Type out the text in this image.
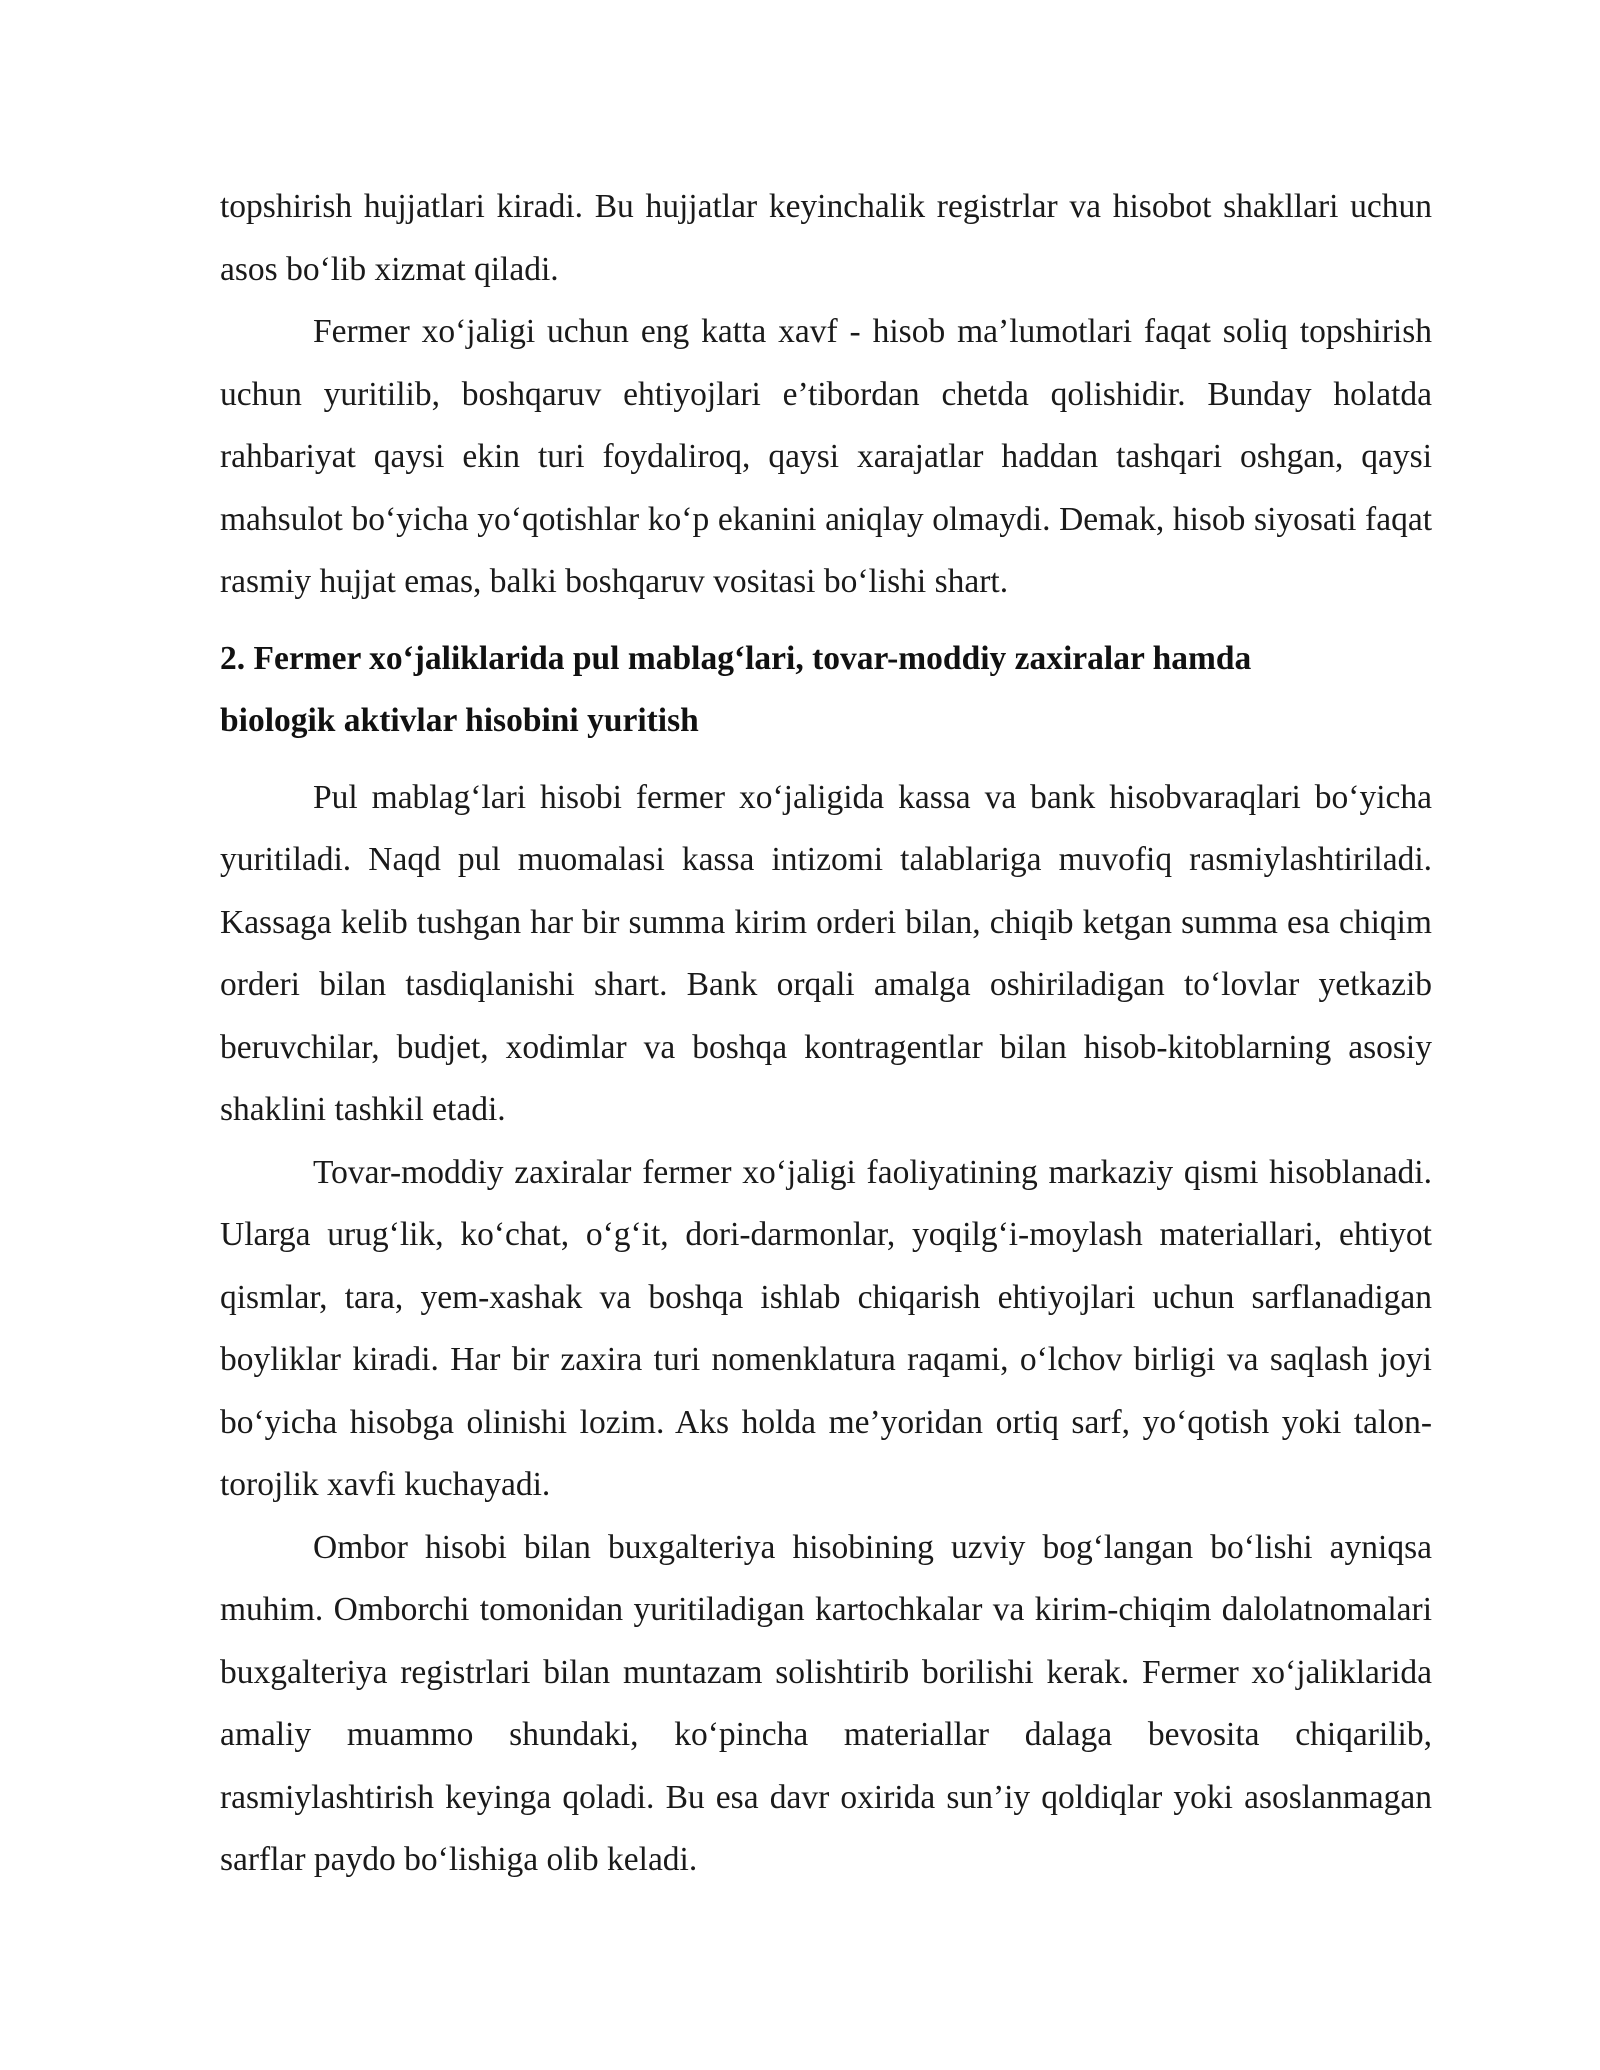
topshirish hujjatlari kiradi. Bu hujjatlar keyinchalik registrlar va hisobot shakllari uchun asos bo‘lib xizmat qiladi.

Fermer xo‘jaligi uchun eng katta xavf - hisob ma’lumotlari faqat soliq topshirish uchun yuritilib, boshqaruv ehtiyojlari e’tibordan chetda qolishidir. Bunday holatda rahbariyat qaysi ekin turi foydaliroq, qaysi xarajatlar haddan tashqari oshgan, qaysi mahsulot bo‘yicha yo‘qotishlar ko‘p ekanini aniqlay olmaydi. Demak, hisob siyosati faqat rasmiy hujjat emas, balki boshqaruv vositasi bo‘lishi shart.

2. Fermer xo‘jaliklarida pul mablag‘lari, tovar-moddiy zaxiralar hamda biologik aktivlar hisobini yuritish

Pul mablag‘lari hisobi fermer xo‘jaligida kassa va bank hisobvaraqlari bo‘yicha yuritiladi. Naqd pul muomalasi kassa intizomi talablariga muvofiq rasmiylashtiriladi. Kassaga kelib tushgan har bir summa kirim orderi bilan, chiqib ketgan summa esa chiqim orderi bilan tasdiqlanishi shart. Bank orqali amalga oshiriladigan to‘lovlar yetkazib beruvchilar, budjet, xodimlar va boshqa kontragentlar bilan hisob-kitoblarning asosiy shaklini tashkil etadi.

Tovar-moddiy zaxiralar fermer xo‘jaligi faoliyatining markaziy qismi hisoblanadi. Ularga urug‘lik, ko‘chat, o‘g‘it, dori-darmonlar, yoqilg‘i-moylash materiallari, ehtiyot qismlar, tara, yem-xashak va boshqa ishlab chiqarish ehtiyojlari uchun sarflanadigan boyliklar kiradi. Har bir zaxira turi nomenklatura raqami, o‘lchov birligi va saqlash joyi bo‘yicha hisobga olinishi lozim. Aks holda me’yoridan ortiq sarf, yo‘qotish yoki talon-torojlik xavfi kuchayadi.

Ombor hisobi bilan buxgalteriya hisobining uzviy bog‘langan bo‘lishi ayniqsa muhim. Omborchi tomonidan yuritiladigan kartochkalar va kirim-chiqim dalolatnomalari buxgalteriya registrlari bilan muntazam solishtirib borilishi kerak. Fermer xo‘jaliklarida amaliy muammo shundaki, ko‘pincha materiallar dalaga bevosita chiqarilib, rasmiylashtirish keyinga qoladi. Bu esa davr oxirida sun’iy qoldiqlar yoki asoslanmagan sarflar paydo bo‘lishiga olib keladi.
